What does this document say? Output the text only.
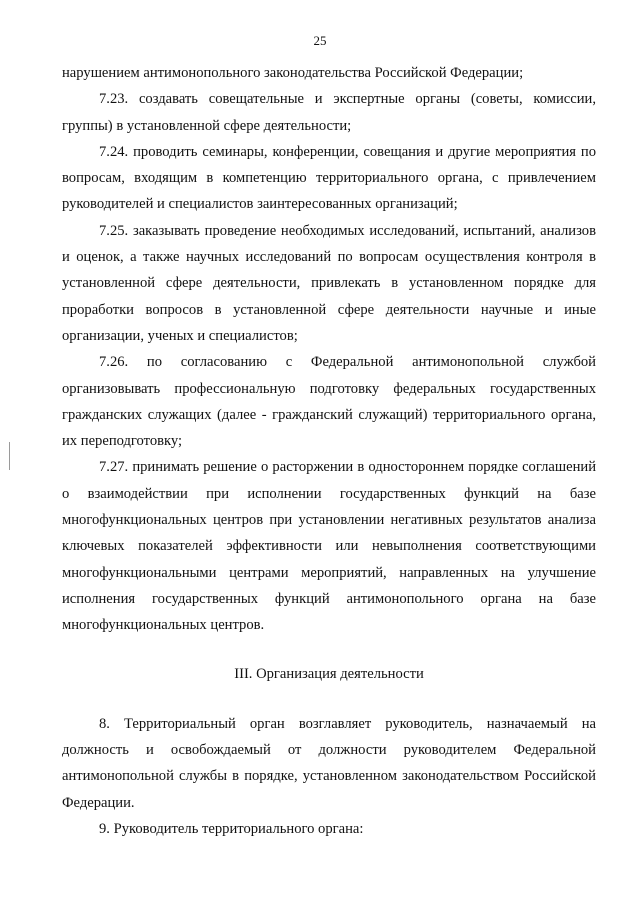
25

нарушением антимонопольного законодательства Российской Федерации;

7.23. создавать совещательные и экспертные органы (советы, комиссии, группы) в установленной сфере деятельности;

7.24. проводить семинары, конференции, совещания и другие мероприятия по вопросам, входящим в компетенцию территориального органа, с привлечением руководителей и специалистов заинтересованных организаций;

7.25. заказывать проведение необходимых исследований, испытаний, анализов и оценок, а также научных исследований по вопросам осуществления контроля в установленной сфере деятельности, привлекать в установленном порядке для проработки вопросов в установленной сфере деятельности научные и иные организации, ученых и специалистов;

7.26. по согласованию с Федеральной антимонопольной службой организовывать профессиональную подготовку федеральных государственных гражданских служащих (далее - гражданский служащий) территориального органа, их переподготовку;

7.27. принимать решение о расторжении в одностороннем порядке соглашений о взаимодействии при исполнении государственных функций на базе многофункциональных центров при установлении негативных результатов анализа ключевых показателей эффективности или невыполнения соответствующими многофункциональными центрами мероприятий, направленных на улучшение исполнения государственных функций антимонопольного органа на базе многофункциональных центров.

III. Организация деятельности

8. Территориальный орган возглавляет руководитель, назначаемый на должность и освобождаемый от должности руководителем Федеральной антимонопольной службы в порядке, установленном законодательством Российской Федерации.

9. Руководитель территориального органа:
